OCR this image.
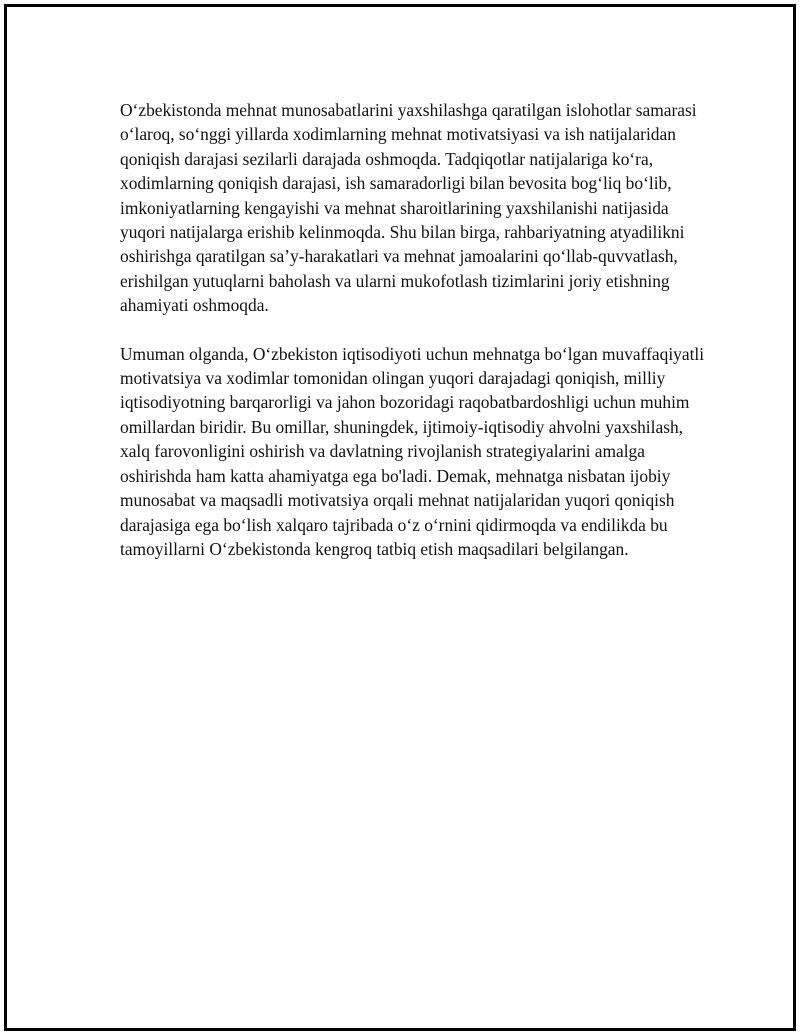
O‘zbekistonda mehnat munosabatlarini yaxshilashga qaratilgan islohotlar samarasi o‘laroq, so‘nggi yillarda xodimlarning mehnat motivatsiyasi va ish natijalaridan qoniqish darajasi sezilarli darajada oshmoqda. Tadqiqotlar natijalariga ko‘ra, xodimlarning qoniqish darajasi, ish samaradorligi bilan bevosita bog‘liq bo‘lib, imkoniyatlarning kengayishi va mehnat sharoitlarining yaxshilanishi natijasida yuqori natijalarga erishib kelinmoqda. Shu bilan birga, rahbariyatning atyadilikni oshirishga qaratilgan sa’y-harakatlari va mehnat jamoalarini qo‘llab-quvvatlash, erishilgan yutuqlarni baholash va ularni mukofotlash tizimlarini joriy etishning ahamiyati oshmoqda.

Umuman olganda, O‘zbekiston iqtisodiyoti uchun mehnatga bo‘lgan muvaffaqiyatli motivatsiya va xodimlar tomonidan olingan yuqori darajadagi qoniqish, milliy iqtisodiyotning barqarorligi va jahon bozoridagi raqobatbardoshligi uchun muhim omillardan biridir. Bu omillar, shuningdek, ijtimoiy-iqtisodiy ahvolni yaxshilash, xalq farovonligini oshirish va davlatning rivojlanish strategiyalarini amalga oshirishda ham katta ahamiyatga ega bo'ladi. Demak, mehnatga nisbatan ijobiy munosabat va maqsadli motivatsiya orqali mehnat natijalaridan yuqori qoniqish darajasiga ega bo‘lish xalqaro tajribada o‘z o‘rnini qidirmoqda va endilikda bu tamoyillarni O‘zbekistonda kengroq tatbiq etish maqsadilari belgilangan.
